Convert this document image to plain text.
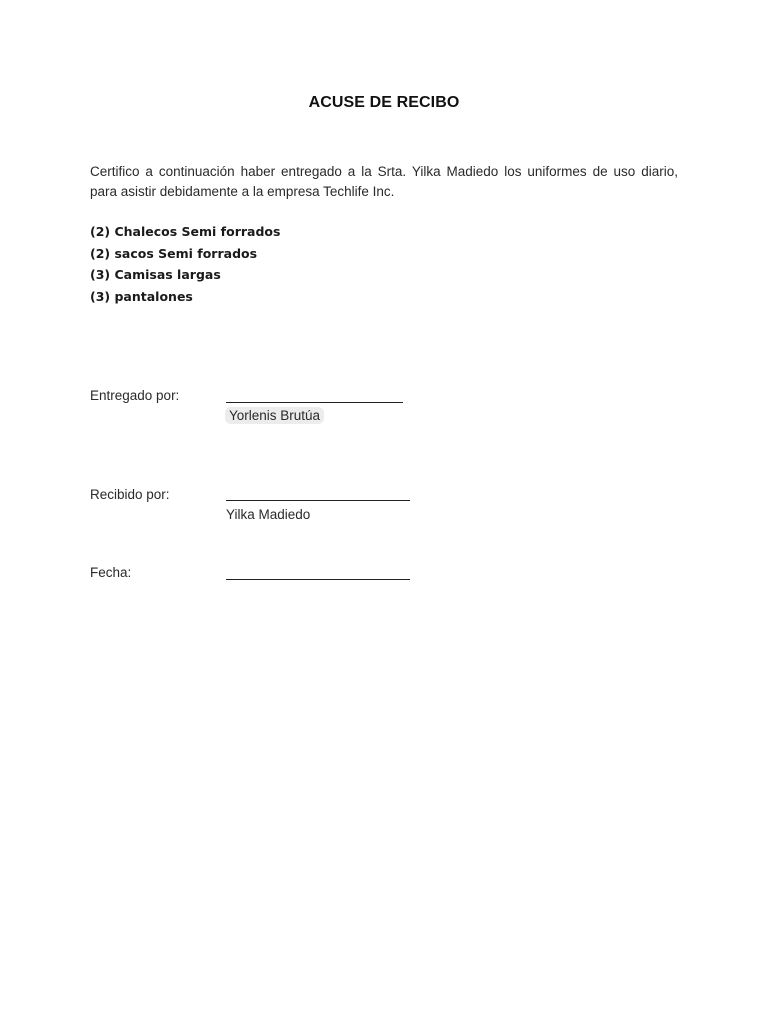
ACUSE DE RECIBO
Certifico a continuación haber entregado a la Srta. Yilka Madiedo los uniformes de uso diario,
para asistir debidamente a la empresa Techlife Inc.
(2) Chalecos Semi forrados
(2) sacos Semi forrados
(3) Camisas largas
(3) pantalones
Entregado por:
Yorlenis Brutúa
Recibido por:
Yilka Madiedo
Fecha:
